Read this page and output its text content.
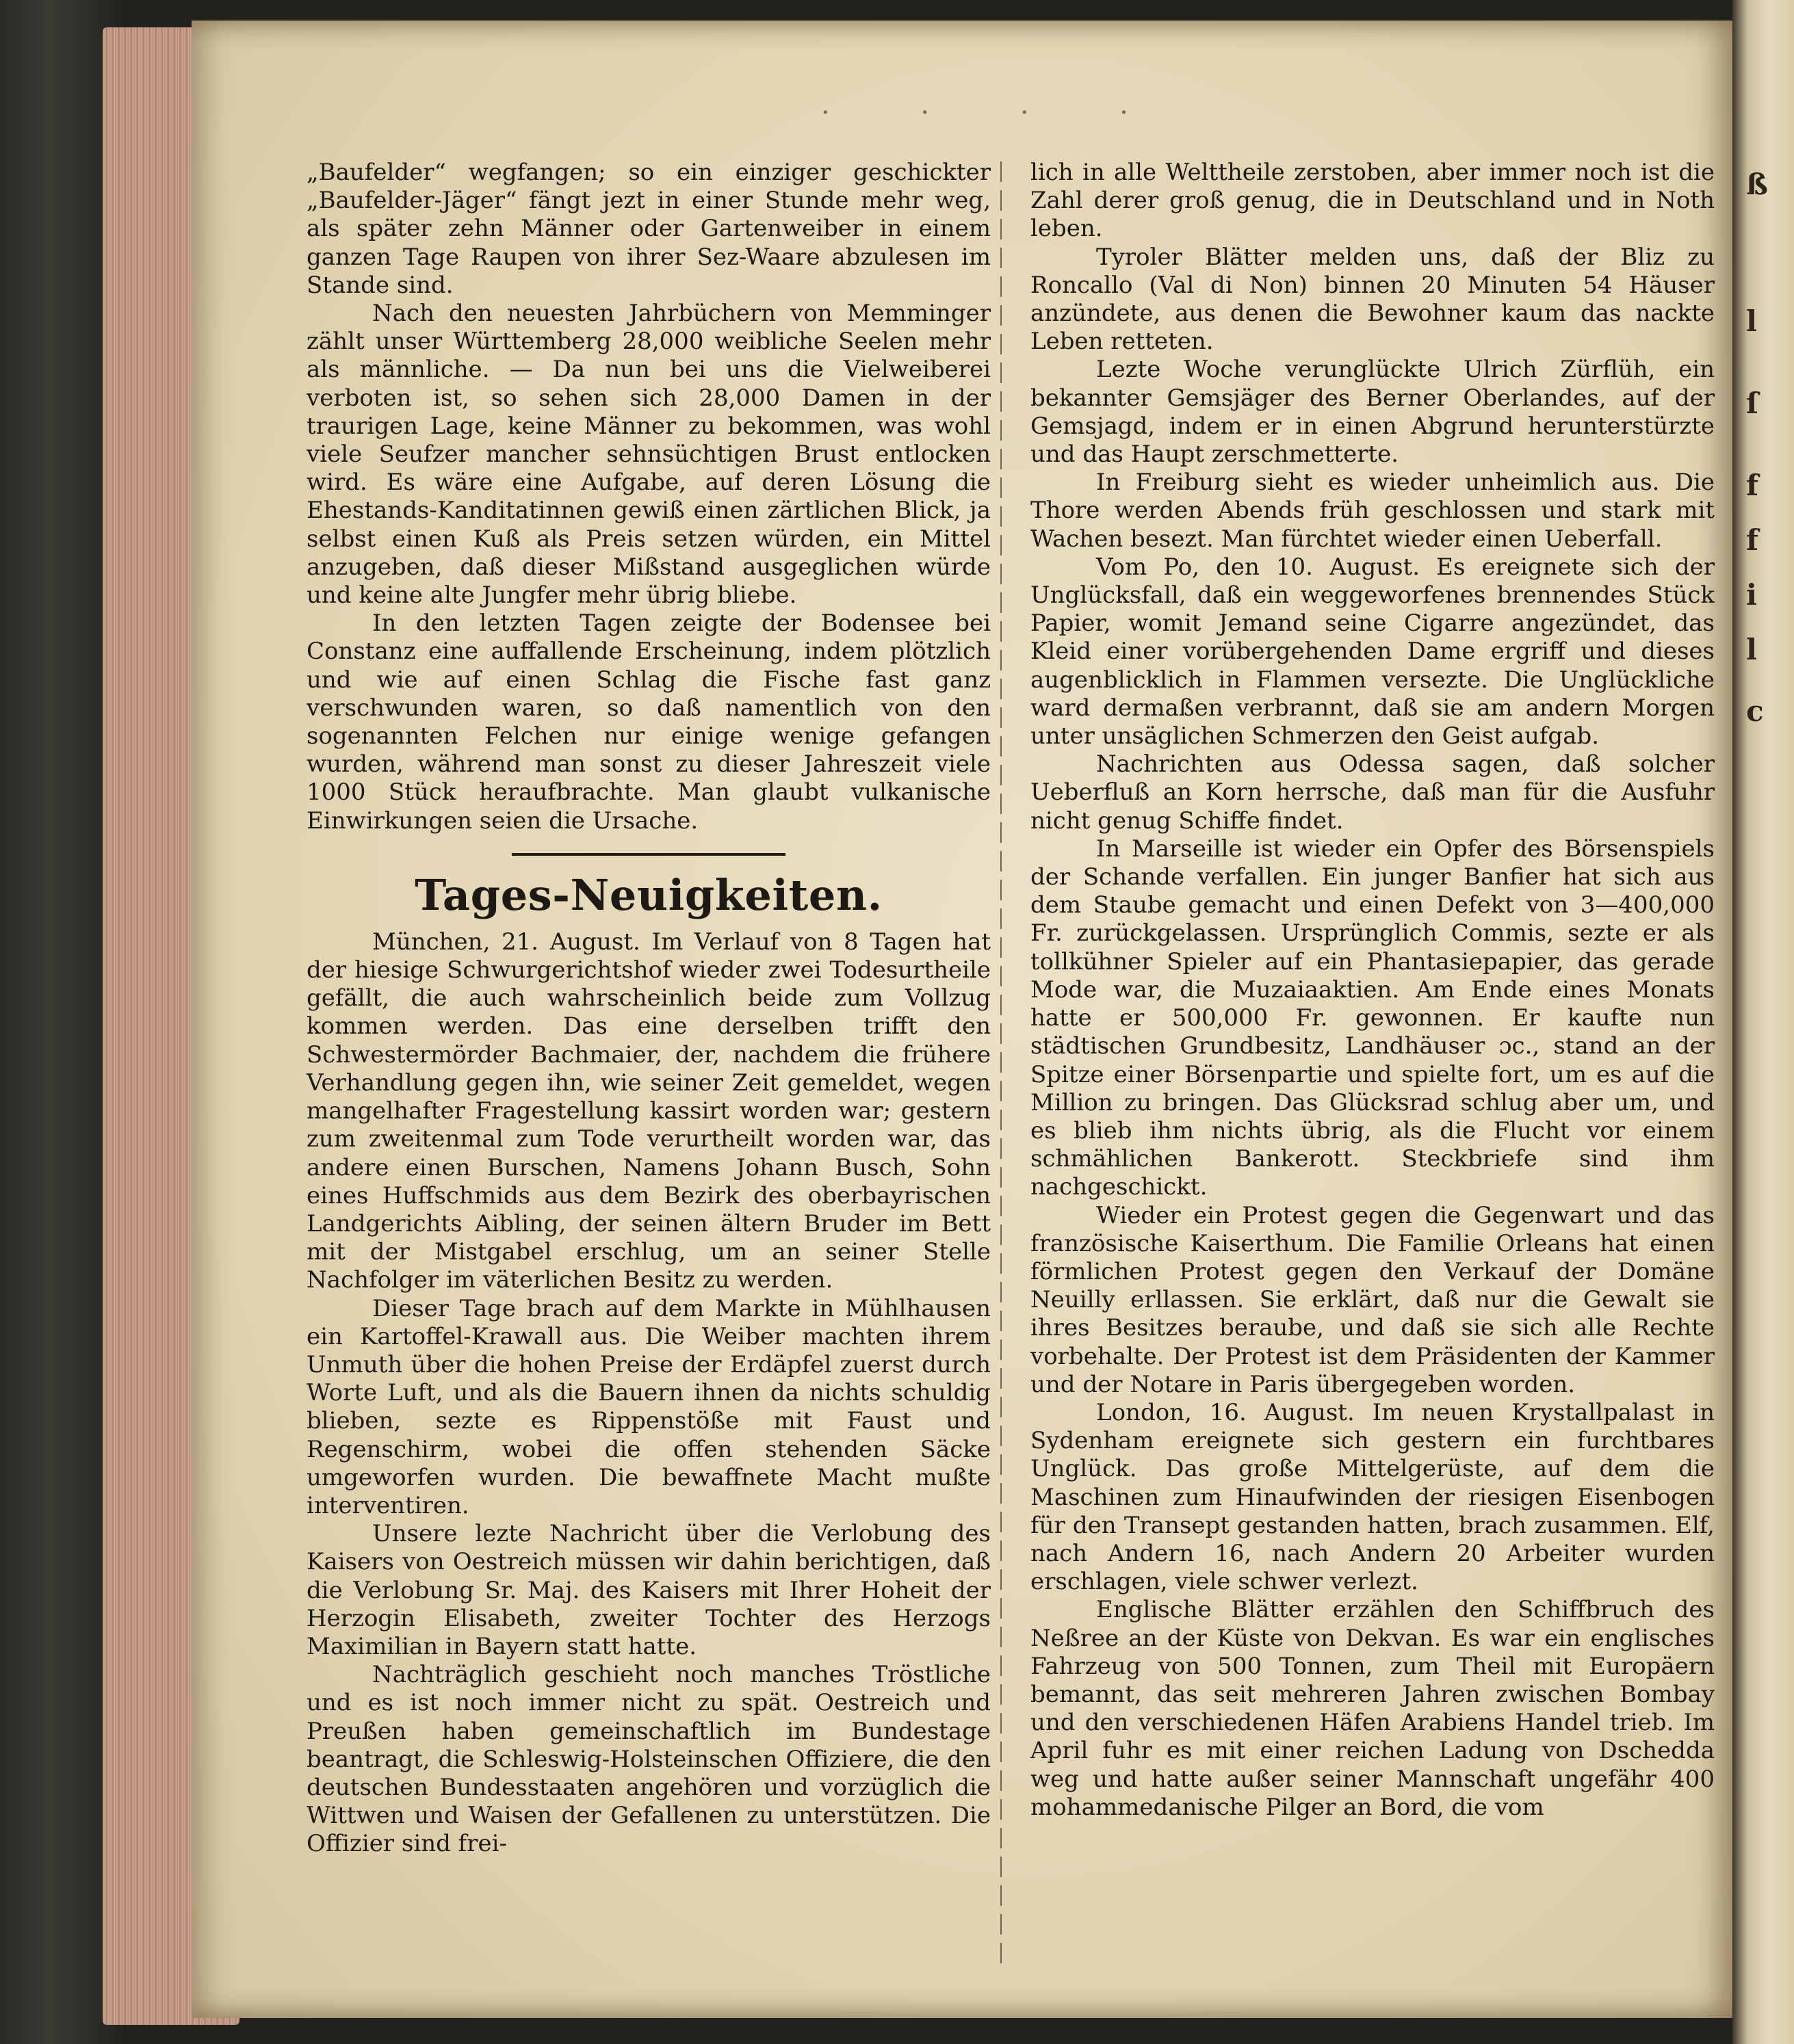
· · · ·

„Baufelder“ wegfangen; so ein einziger geschickter „Baufelder-Jäger“ fängt jezt in einer Stunde mehr weg, als später zehn Männer oder Gartenweiber in einem ganzen Tage Raupen von ihrer Sez-Waare abzulesen im Stande sind.

Nach den neuesten Jahrbüchern von Memminger zählt unser Württemberg 28,000 weibliche Seelen mehr als männliche. — Da nun bei uns die Vielweiberei verboten ist, so sehen sich 28,000 Damen in der traurigen Lage, keine Männer zu bekommen, was wohl viele Seufzer mancher sehnsüchtigen Brust entlocken wird. Es wäre eine Aufgabe, auf deren Lösung die Ehestands-Kanditatinnen gewiß einen zärtlichen Blick, ja selbst einen Kuß als Preis setzen würden, ein Mittel anzugeben, daß dieser Mißstand ausgeglichen würde und keine alte Jungfer mehr übrig bliebe.

In den letzten Tagen zeigte der Bodensee bei Constanz eine auffallende Erscheinung, indem plötzlich und wie auf einen Schlag die Fische fast ganz verschwunden waren, so daß namentlich von den sogenannten Felchen nur einige wenige gefangen wurden, während man sonst zu dieser Jahreszeit viele 1000 Stück heraufbrachte. Man glaubt vulkanische Einwirkungen seien die Ursache.

Tages-Neuigkeiten.

München, 21. August. Im Verlauf von 8 Tagen hat der hiesige Schwurgerichtshof wieder zwei Todesurtheile gefällt, die auch wahrscheinlich beide zum Vollzug kommen werden. Das eine derselben trifft den Schwestermörder Bachmaier, der, nachdem die frühere Verhandlung gegen ihn, wie seiner Zeit gemeldet, wegen mangelhafter Fragestellung kassirt worden war; gestern zum zweitenmal zum Tode verurtheilt worden war, das andere einen Burschen, Namens Johann Busch, Sohn eines Huffschmids aus dem Bezirk des oberbayrischen Landgerichts Aibling, der seinen ältern Bruder im Bett mit der Mistgabel erschlug, um an seiner Stelle Nachfolger im väterlichen Besitz zu werden.

Dieser Tage brach auf dem Markte in Mühlhausen ein Kartoffel-Krawall aus. Die Weiber machten ihrem Unmuth über die hohen Preise der Erdäpfel zuerst durch Worte Luft, und als die Bauern ihnen da nichts schuldig blieben, sezte es Rippenstöße mit Faust und Regenschirm, wobei die offen stehenden Säcke umgeworfen wurden. Die bewaffnete Macht mußte interventiren.

Unsere lezte Nachricht über die Verlobung des Kaisers von Oestreich müssen wir dahin berichtigen, daß die Verlobung Sr. Maj. des Kaisers mit Ihrer Hoheit der Herzogin Elisabeth, zweiter Tochter des Herzogs Maximilian in Bayern statt hatte.

Nachträglich geschieht noch manches Tröstliche und es ist noch immer nicht zu spät. Oestreich und Preußen haben gemeinschaftlich im Bundestage beantragt, die Schleswig-Holsteinschen Offiziere, die den deutschen Bundesstaaten angehören und vorzüglich die Wittwen und Waisen der Gefallenen zu unterstützen. Die Offizier sind frei-

lich in alle Welttheile zerstoben, aber immer noch ist die Zahl derer groß genug, die in Deutschland und in Noth leben.

Tyroler Blätter melden uns, daß der Bliz zu Roncallo (Val di Non) binnen 20 Minuten 54 Häuser anzündete, aus denen die Bewohner kaum das nackte Leben retteten.

Lezte Woche verunglückte Ulrich Zürflüh, ein bekannter Gemsjäger des Berner Oberlandes, auf der Gemsjagd, indem er in einen Abgrund herunterstürzte und das Haupt zerschmetterte.

In Freiburg sieht es wieder unheimlich aus. Die Thore werden Abends früh geschlossen und stark mit Wachen besezt. Man fürchtet wieder einen Ueberfall.

Vom Po, den 10. August. Es ereignete sich der Unglücksfall, daß ein weggeworfenes brennendes Stück Papier, womit Jemand seine Cigarre angezündet, das Kleid einer vorübergehenden Dame ergriff und dieses augenblicklich in Flammen versezte. Die Unglückliche ward dermaßen verbrannt, daß sie am andern Morgen unter unsäglichen Schmerzen den Geist aufgab.

Nachrichten aus Odessa sagen, daß solcher Ueberfluß an Korn herrsche, daß man für die Ausfuhr nicht genug Schiffe findet.

In Marseille ist wieder ein Opfer des Börsenspiels der Schande verfallen. Ein junger Banfier hat sich aus dem Staube gemacht und einen Defekt von 3—400,000 Fr. zurückgelassen. Ursprünglich Commis, sezte er als tollkühner Spieler auf ein Phantasiepapier, das gerade Mode war, die Muzaiaaktien. Am Ende eines Monats hatte er 500,000 Fr. gewonnen. Er kaufte nun städtischen Grundbesitz, Landhäuser ɔc., stand an der Spitze einer Börsenpartie und spielte fort, um es auf die Million zu bringen. Das Glücksrad schlug aber um, und es blieb ihm nichts übrig, als die Flucht vor einem schmählichen Bankerott. Steckbriefe sind ihm nachgeschickt.

Wieder ein Protest gegen die Gegenwart und das französische Kaiserthum. Die Familie Orleans hat einen förmlichen Protest gegen den Verkauf der Domäne Neuilly erllassen. Sie erklärt, daß nur die Gewalt sie ihres Besitzes beraube, und daß sie sich alle Rechte vorbehalte. Der Protest ist dem Präsidenten der Kammer und der Notare in Paris übergegeben worden.

London, 16. August. Im neuen Krystallpalast in Sydenham ereignete sich gestern ein furchtbares Unglück. Das große Mittelgerüste, auf dem die Maschinen zum Hinaufwinden der riesigen Eisenbogen für den Transept gestanden hatten, brach zusammen. Elf, nach Andern 16, nach Andern 20 Arbeiter wurden erschlagen, viele schwer verlezt.

Englische Blätter erzählen den Schiffbruch des Neßree an der Küste von Dekvan. Es war ein englisches Fahrzeug von 500 Tonnen, zum Theil mit Europäern bemannt, das seit mehreren Jahren zwischen Bombay und den verschiedenen Häfen Arabiens Handel trieb. Im April fuhr es mit einer reichen Ladung von Dschedda weg und hatte außer seiner Mannschaft ungefähr 400 mohammedanische Pilger an Bord, die vom

ß
l
ſ
f
f
i
l
c
